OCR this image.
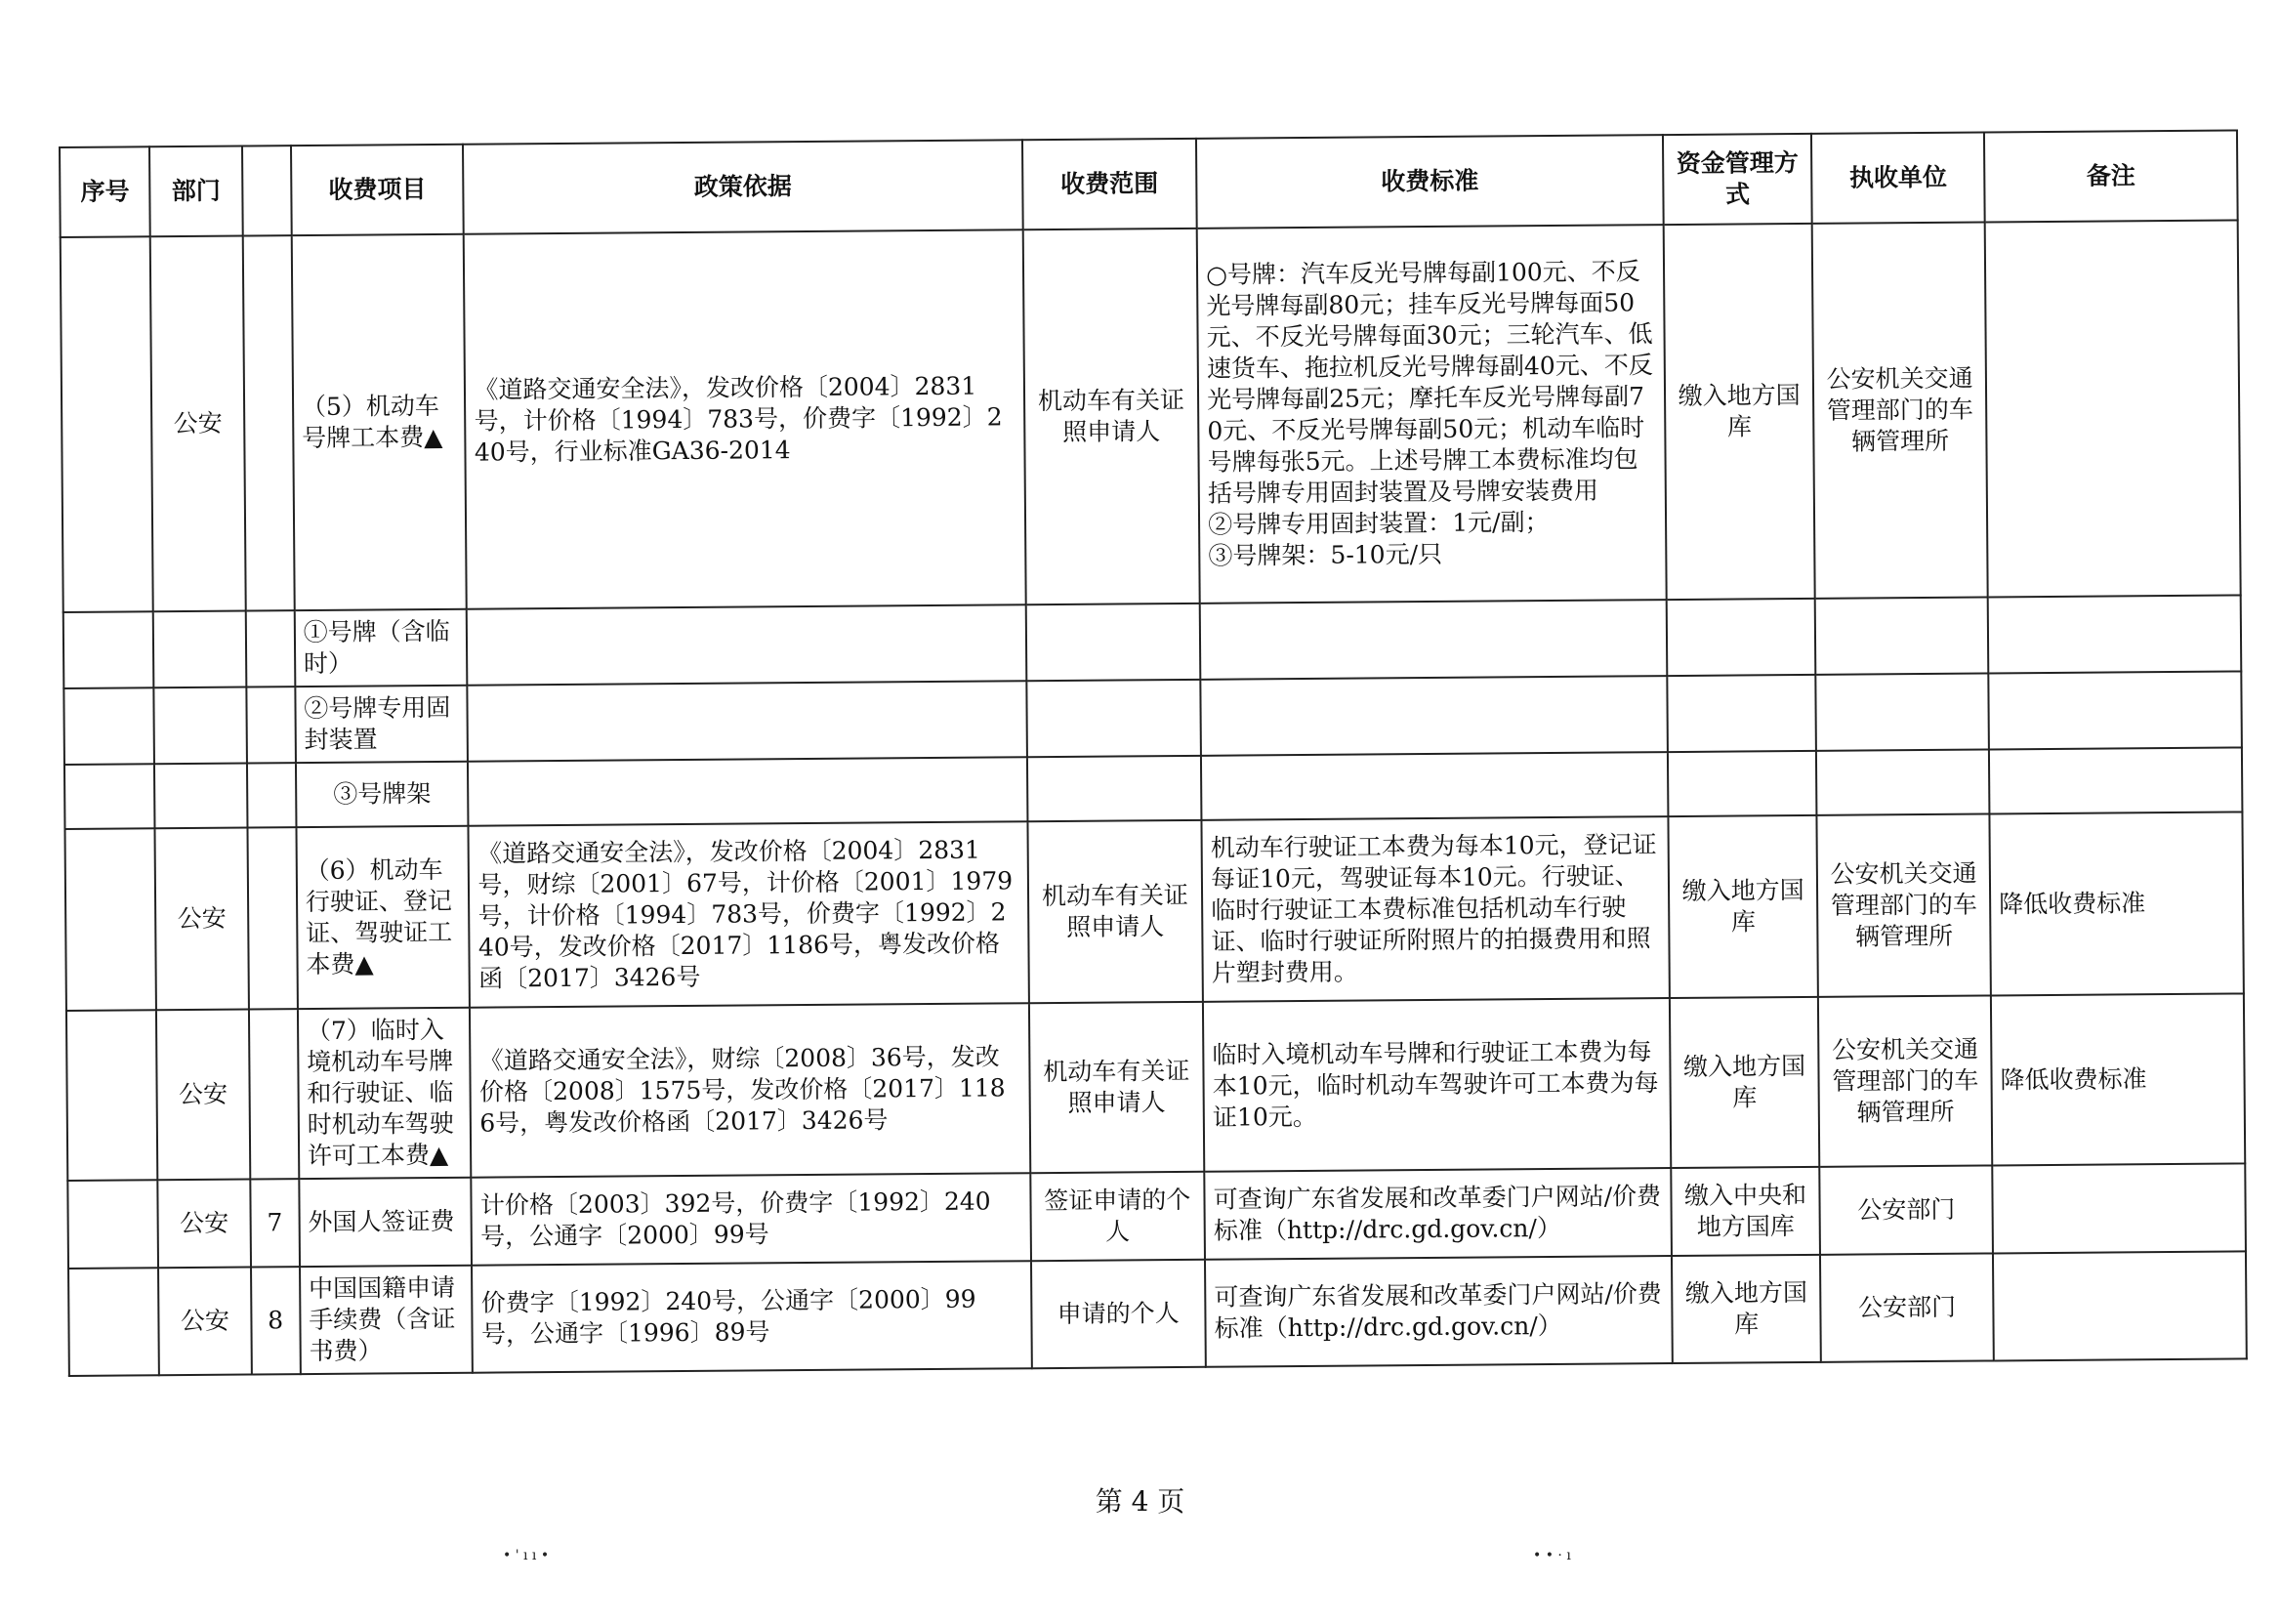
序号	部门		收费项目	政策依据	收费范围	收费标准	资金管理方式	执收单位	备注
	公安		（5）机动车号牌工本费▲	《道路交通安全法》，发改价格〔2004〕2831号，计价格〔1994〕783号，价费字〔1992〕240号，行业标准GA36-2014	机动车有关证照申请人	○号牌：汽车反光号牌每副100元、不反光号牌每副80元；挂车反光号牌每面50元、不反光号牌每面30元；三轮汽车、低速货车、拖拉机反光号牌每副40元、不反光号牌每副25元；摩托车反光号牌每副70元、不反光号牌每副50元；机动车临时号牌每张5元。上述号牌工本费标准均包括号牌专用固封装置及号牌安装费用
②号牌专用固封装置：1元/副；
③号牌架：5-10元/只	缴入地方国库	公安机关交通管理部门的车辆管理所	
			①号牌（含临时）						
			②号牌专用固封装置						
			③号牌架						
	公安		（6）机动车行驶证、登记证、驾驶证工本费▲	《道路交通安全法》，发改价格〔2004〕2831号，财综〔2001〕67号，计价格〔2001〕1979号，计价格〔1994〕783号，价费字〔1992〕240号，发改价格〔2017〕1186号，粤发改价格函〔2017〕3426号	机动车有关证照申请人	机动车行驶证工本费为每本10元，登记证每证10元，驾驶证每本10元。行驶证、临时行驶证工本费标准包括机动车行驶证、临时行驶证所附照片的拍摄费用和照片塑封费用。	缴入地方国库	公安机关交通管理部门的车辆管理所	降低收费标准
	公安		（7）临时入境机动车号牌和行驶证、临时机动车驾驶许可工本费▲	《道路交通安全法》，财综〔2008〕36号，发改价格〔2008〕1575号，发改价格〔2017〕1186号，粤发改价格函〔2017〕3426号	机动车有关证照申请人	临时入境机动车号牌和行驶证工本费为每本10元，临时机动车驾驶许可工本费为每证10元。	缴入地方国库	公安机关交通管理部门的车辆管理所	降低收费标准
	公安	7	外国人签证费	计价格〔2003〕392号，价费字〔1992〕240号，公通字〔2000〕99号	签证申请的个人	可查询广东省发展和改革委门户网站/价费标准（http://drc.gd.gov.cn/）	缴入中央和地方国库	公安部门	
	公安	8	中国国籍申请手续费（含证书费）	价费字〔1992〕240号，公通字〔2000〕99号，公通字〔1996〕89号	申请的个人	可查询广东省发展和改革委门户网站/价费标准（http://drc.gd.gov.cn/）	缴入地方国库	公安部门	
第 4 页
• ' ı ı •	• • · ı
